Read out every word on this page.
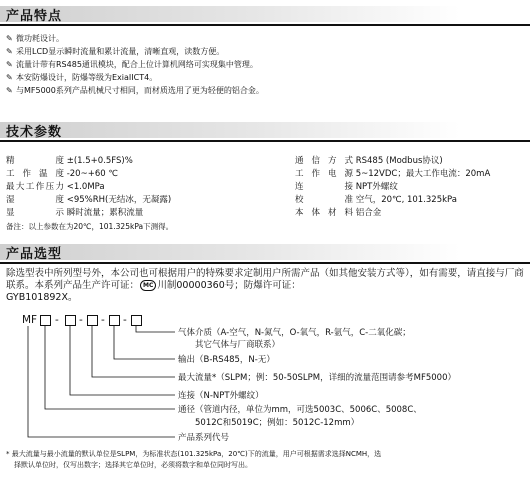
产品特点
✎ 微功耗设计。
✎ 采用LCD显示瞬时流量和累计流量，清晰直观，读数方便。
✎ 流量计带有RS485通讯模块，配合上位计算机网络可实现集中管理。
✎ 本安防爆设计，防爆等级为ExiaIICT4。
✎ 与MF5000系列产品机械尺寸相同，而材质选用了更为轻便的铝合金。
技术参数
精　　度 ±(1.5+0.5FS)%
工作温度 -20~+60 ℃
最大工作压力 <1.0MPa
湿　　度 <95%RH(无结冰，无凝露)
显　　示 瞬时流量；累积流量
通信方式 RS485 (Modbus协议)
工作电源 5~12VDC；最大工作电流：20mA
连　　接 NPT外螺纹
校　　准 空气，20℃, 101.325kPa
本体材料 铝合金
备注：以上参数在为20℃，101.325kPa下测得。
产品选型
除选型表中所列型号外，本公司也可根据用户的特殊要求定制用户所需产品（如其他安装方式等），如有需要，请直接与厂商联系。本系列产品生产许可证： MC 川制00000360号；防爆许可证：
GYB101892X。
MF - - - -
气体介质（A-空气，N-氮气，O-氧气，R-氩气，C-二氧化碳；
其它气体与厂商联系）
输出（B-RS485，N-无）
最大流量*（SLPM；例：50-50SLPM，详细的流量范围请参考MF5000）
连接（N-NPT外螺纹）
通径（管道内径，单位为mm，可选5003C、5006C、5008C、
5012C和5019C；例如：5012C-12mm）
产品系列代号
* 最大流量与最小流量的默认单位是SLPM，为标准状态(101.325kPa，20℃)下的流量，用户可根据需求选择NCMH，选
择默认单位时，仅写出数字；选择其它单位时，必须将数字和单位同时写出。
